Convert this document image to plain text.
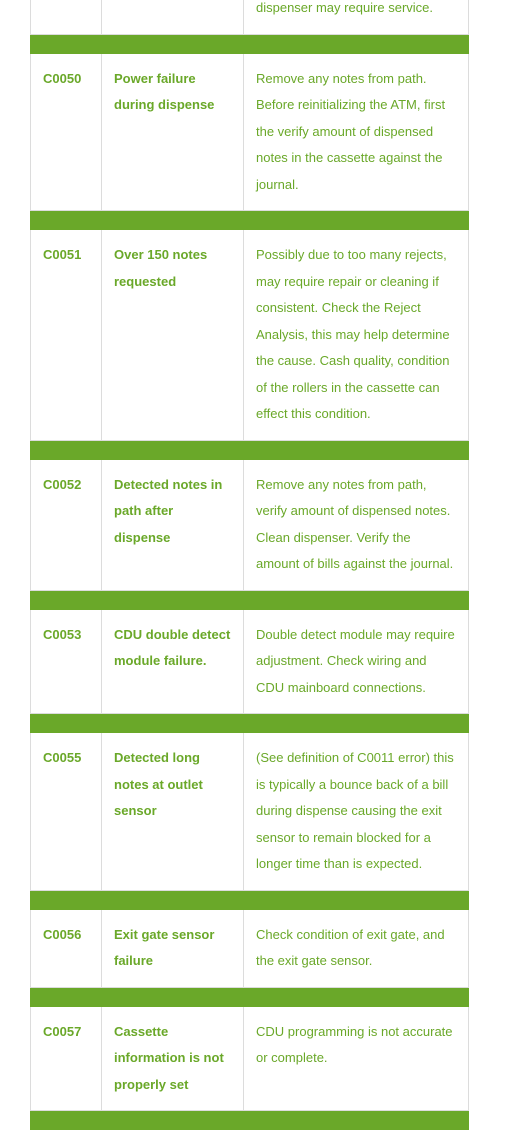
dispenser may require service.
C0050	Power failure during dispense
Remove any notes from path. Before reinitializing the ATM, first the verify amount of dispensed notes in the cassette against the journal.
C0051	Over 150 notes requested
Possibly due to too many rejects, may require repair or cleaning if consistent. Check the Reject Analysis, this may help determine the cause. Cash quality, condition of the rollers in the cassette can effect this condition.
C0052	Detected notes in path after dispense
Remove any notes from path, verify amount of dispensed notes. Clean dispenser. Verify the amount of bills against the journal.
C0053	CDU double detect module failure.
Double detect module may require adjustment. Check wiring and CDU mainboard connections.
C0055	Detected long notes at outlet sensor
(See definition of C0011 error) this is typically a bounce back of a bill during dispense causing the exit sensor to remain blocked for a longer time than is expected.
C0056	Exit gate sensor failure
Check condition of exit gate, and the exit gate sensor.
C0057	Cassette information is not properly set
CDU programming is not accurate or complete.
